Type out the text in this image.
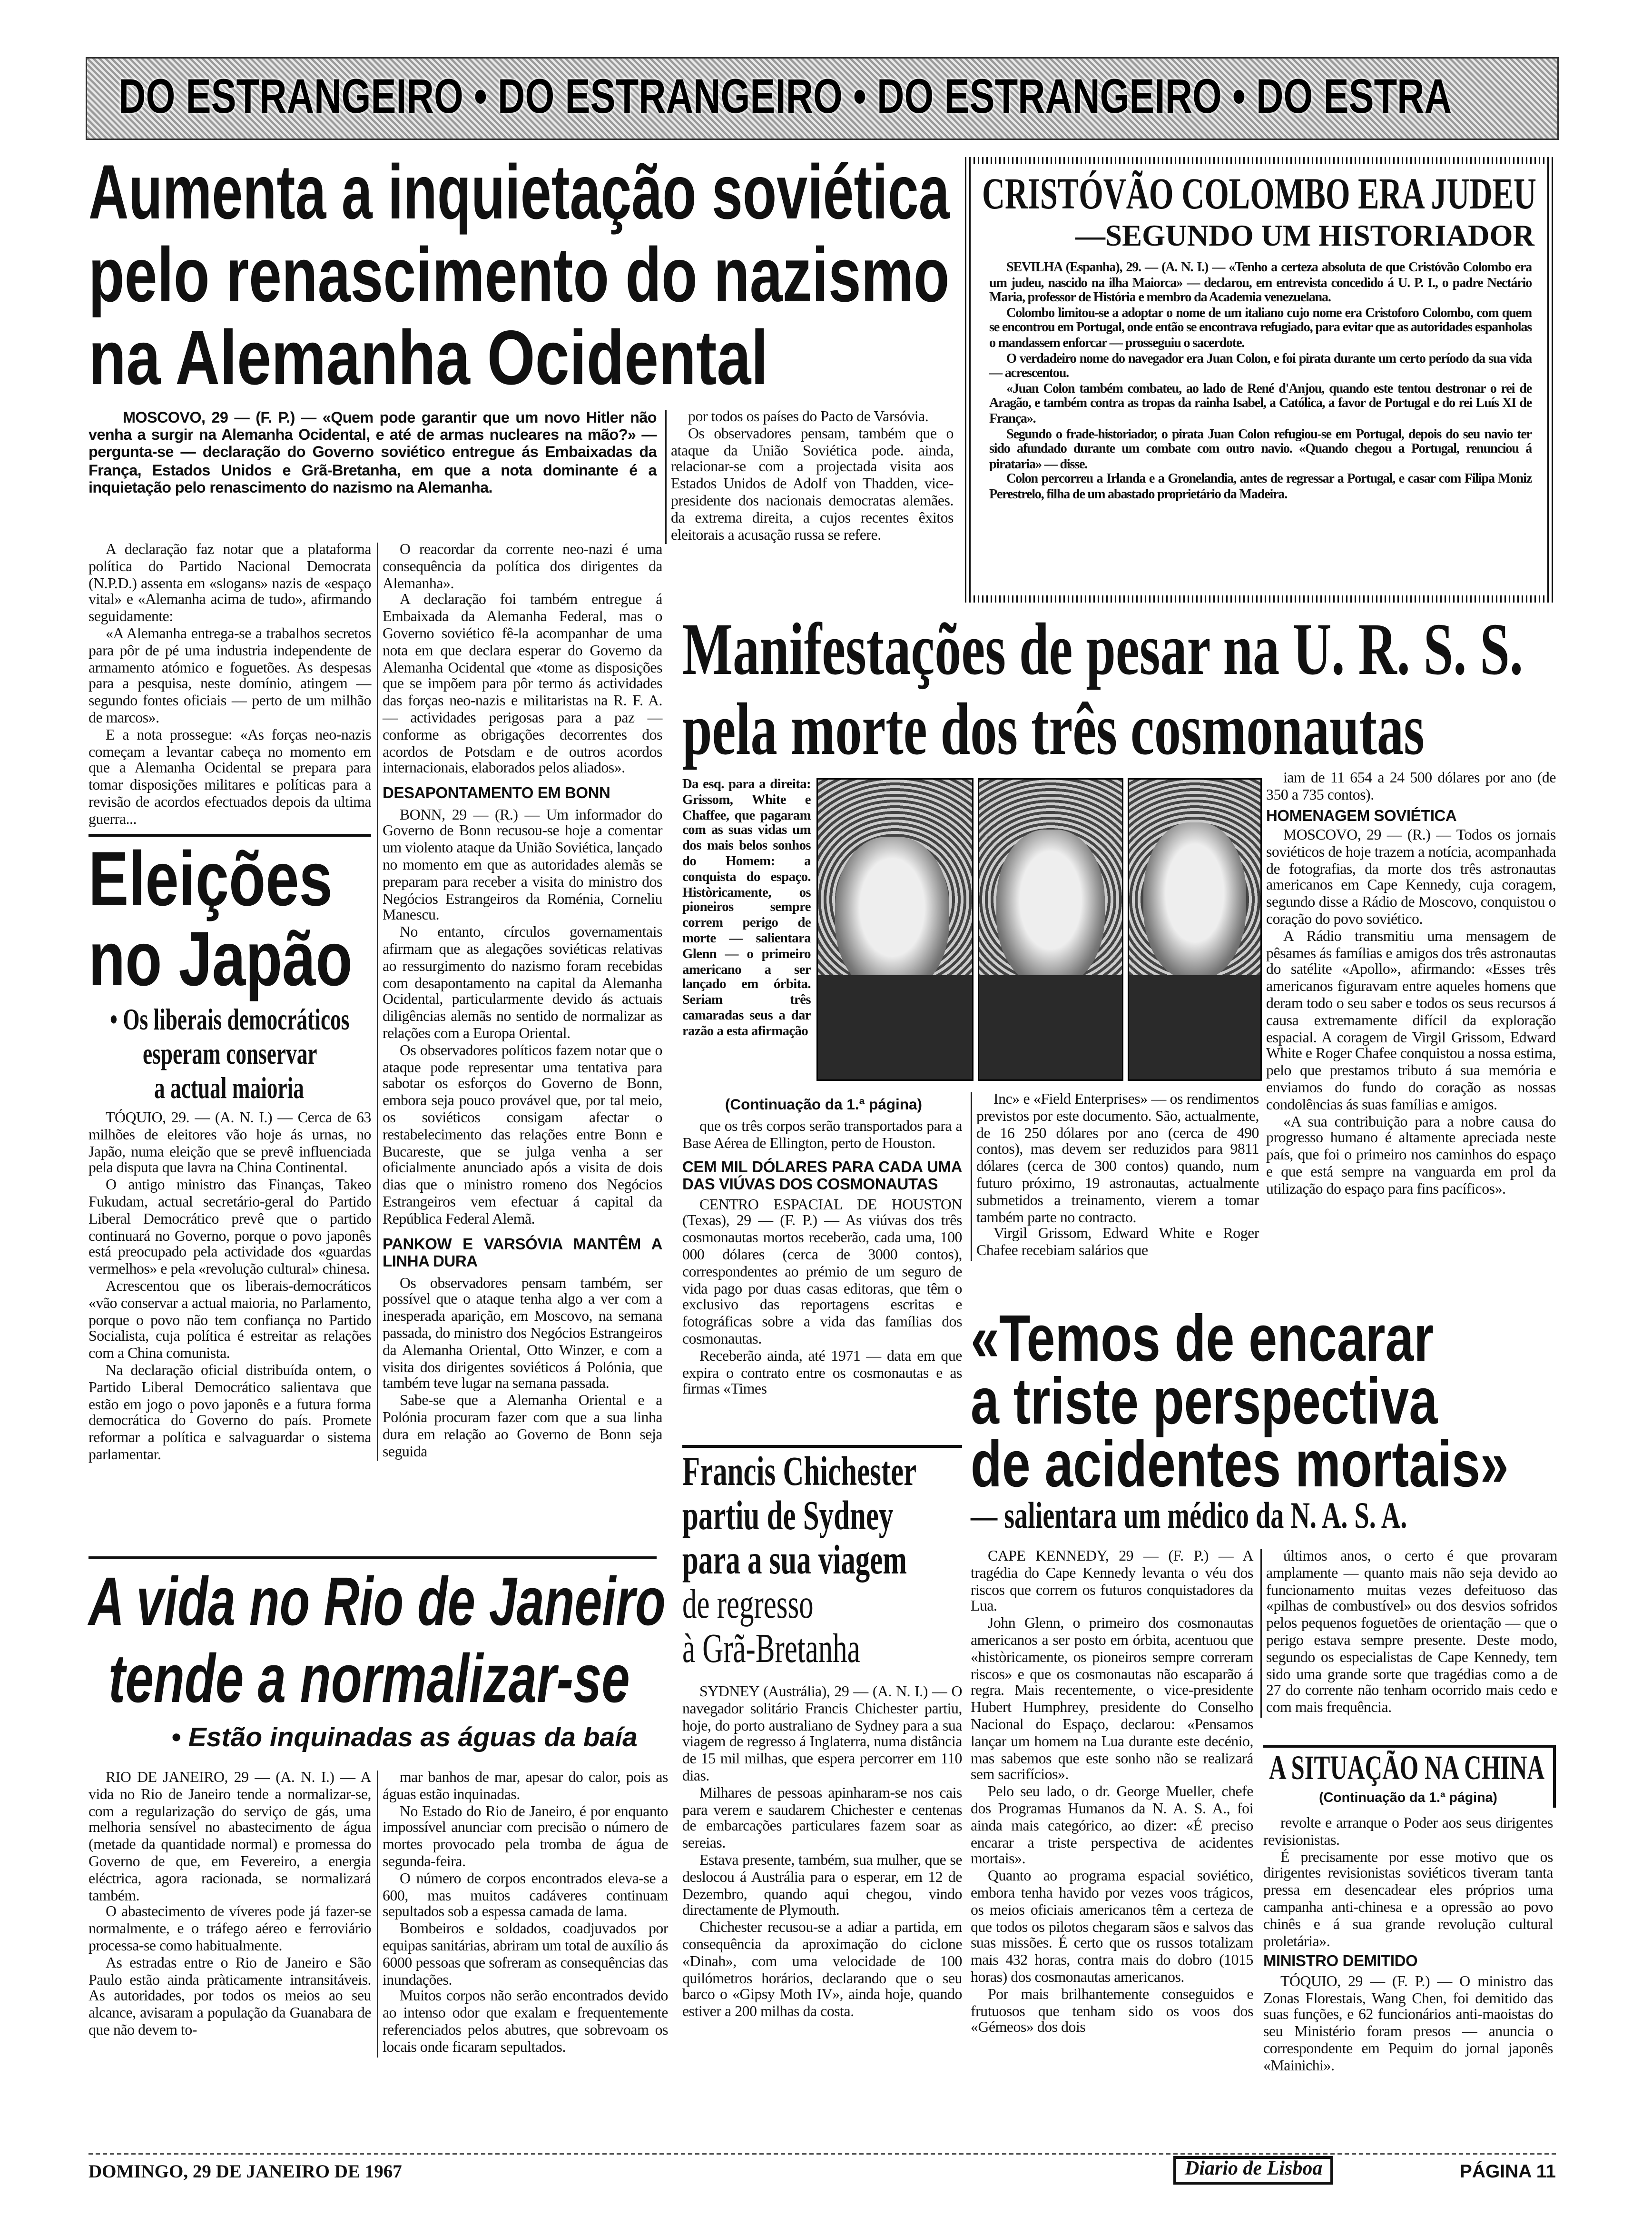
DO ESTRANGEIRO • DO ESTRANGEIRO • DO ESTRANGEIRO • DO ESTRA
Aumenta a inquietação soviética
pelo renascimento do nazismo
na Alemanha Ocidental
MOSCOVO, 29 — (F. P.) — «Quem pode garantir que um novo Hitler não venha a surgir na Alemanha Ocidental, e até de armas nucleares na mão?» — pergunta-se — declaração do Governo soviético entregue ás Embaixadas da França, Estados Unidos e Grã-Bretanha, em que a nota dominante é a inquietação pelo renascimento do nazismo na Alemanha.

A declaração faz notar que a plataforma política do Partido Nacional Democrata (N.P.D.) assenta em «slogans» nazis de «espaço vital» e «Alemanha acima de tudo», afirmando seguidamente:

«A Alemanha entrega-se a trabalhos secretos para pôr de pé uma industria independente de armamento atómico e foguetões. As despesas para a pesquisa, neste domínio, atingem — segundo fontes oficiais — perto de um milhão de marcos».

E a nota prossegue: «As forças neo-nazis começam a levantar cabeça no momento em que a Alemanha Ocidental se prepara para tomar disposições militares e políticas para a revisão de acordos efectuados depois da ultima guerra...

O reacordar da corrente neo-nazi é uma consequência da política dos dirigentes da Alemanha».

A declaração foi também entregue á Embaixada da Alemanha Federal, mas o Governo soviético fê-la acompanhar de uma nota em que declara esperar do Governo da Alemanha Ocidental que «tome as disposições que se impõem para pôr termo ás actividades das forças neo-nazis e militaristas na R. F. A. — actividades perigosas para a paz — conforme as obrigações decorrentes dos acordos de Potsdam e de outros acordos internacionais, elaborados pelos aliados».

DESAPONTAMENTO EM BONN

BONN, 29 — (R.) — Um informador do Governo de Bonn recusou-se hoje a comentar um violento ataque da União Soviética, lançado no momento em que as autoridades alemãs se preparam para receber a visita do ministro dos Negócios Estrangeiros da Roménia, Corneliu Manescu.

No entanto, círculos governamentais afirmam que as alegações soviéticas relativas ao ressurgimento do nazismo foram recebidas com desapontamento na capital da Alemanha Ocidental, particularmente devido ás actuais diligências alemãs no sentido de normalizar as relações com a Europa Oriental.

Os observadores políticos fazem notar que o ataque pode representar uma tentativa para sabotar os esforços do Governo de Bonn, embora seja pouco provável que, por tal meio, os soviéticos consigam afectar o restabelecimento das relações entre Bonn e Bucareste, que se julga venha a ser oficialmente anunciado após a visita de dois dias que o ministro romeno dos Negócios Estrangeiros vem efectuar á capital da República Federal Alemã.

PANKOW E VARSÓVIA MANTÊM A LINHA DURA

Os observadores pensam também, ser possível que o ataque tenha algo a ver com a inesperada aparição, em Moscovo, na semana passada, do ministro dos Negócios Estrangeiros da Alemanha Oriental, Otto Winzer, e com a visita dos dirigentes soviéticos á Polónia, que também teve lugar na semana passada.

Sabe-se que a Alemanha Oriental e a Polónia procuram fazer com que a sua linha dura em relação ao Governo de Bonn seja seguida

por todos os países do Pacto de Varsóvia.

Os observadores pensam, também que o ataque da União Soviética pode. ainda, relacionar-se com a projectada visita aos Estados Unidos de Adolf von Thadden, vice-presidente dos nacionais democratas alemães. da extrema direita, a cujos recentes êxitos eleitorais a acusação russa se refere.

CRISTÓVÃO COLOMBO ERA JUDEU
—SEGUNDO UM HISTORIADOR

SEVILHA (Espanha), 29. — (A. N. I.) — «Tenho a certeza absoluta de que Cristóvão Colombo era um judeu, nascido na ilha Maiorca» — declarou, em entrevista concedido á U. P. I., o padre Nectário Maria, professor de História e membro da Academia venezuelana.

Colombo limitou-se a adoptar o nome de um italiano cujo nome era Cristoforo Colombo, com quem se encontrou em Portugal, onde então se encontrava refugiado, para evitar que as autoridades espanholas o mandassem enforcar — prosseguiu o sacerdote.

O verdadeiro nome do navegador era Juan Colon, e foi pirata durante um certo período da sua vida — acrescentou.

«Juan Colon também combateu, ao lado de René d'Anjou, quando este tentou destronar o rei de Aragão, e também contra as tropas da rainha Isabel, a Católica, a favor de Portugal e do rei Luís XI de França».

Segundo o frade-historiador, o pirata Juan Colon refugiou-se em Portugal, depois do seu navio ter sido afundado durante um combate com outro navio. «Quando chegou a Portugal, renunciou á pirataria» — disse.

Colon percorreu a Irlanda e a Gronelandia, antes de regressar a Portugal, e casar com Filipa Moniz Perestrelo, filha de um abastado proprietário da Madeira.

Manifestações de pesar na U. R. S. S.
pela morte dos três cosmonautas
Da esq. para a direita: Grissom, White e Chaffee, que pagaram com as suas vidas um dos mais belos sonhos do Homem: a conquista do espaço. Històricamente, os pioneiros sempre correm perigo de morte — salientara Glenn — o primeiro americano a ser lançado em órbita. Seriam três camaradas seus a dar razão a esta afirmação
(Continuação da 1.ª página)

que os três corpos serão transportados para a Base Aérea de Ellington, perto de Houston.

CEM MIL DÓLARES PARA CADA UMA DAS VIÚVAS DOS COSMONAUTAS

CENTRO ESPACIAL DE HOUSTON (Texas), 29 — (F. P.) — As viúvas dos três cosmonautas mortos receberão, cada uma, 100 000 dólares (cerca de 3000 contos), correspondentes ao prémio de um seguro de vida pago por duas casas editoras, que têm o exclusivo das reportagens escritas e fotográficas sobre a vida das famílias dos cosmonautas.

Receberão ainda, até 1971 — data em que expira o contrato entre os cosmonautas e as firmas «Times

Inc» e «Field Enterprises» — os rendimentos previstos por este documento. São, actualmente, de 16 250 dólares por ano (cerca de 490 contos), mas devem ser reduzidos para 9811 dólares (cerca de 300 contos) quando, num futuro próximo, 19 astronautas, actualmente submetidos a treinamento, vierem a tomar também parte no contracto.

Virgil Grissom, Edward White e Roger Chafee recebiam salários que

iam de 11 654 a 24 500 dólares por ano (de 350 a 735 contos).

HOMENAGEM SOVIÉTICA

MOSCOVO, 29 — (R.) — Todos os jornais soviéticos de hoje trazem a notícia, acompanhada de fotografias, da morte dos três astronautas americanos em Cape Kennedy, cuja coragem, segundo disse a Rádio de Moscovo, conquistou o coração do povo soviético.

A Rádio transmitiu uma mensagem de pêsames ás famílias e amigos dos três astronautas do satélite «Apollo», afirmando: «Esses três americanos figuravam entre aqueles homens que deram todo o seu saber e todos os seus recursos á causa extremamente difícil da exploração espacial. A coragem de Virgil Grissom, Edward White e Roger Chafee conquistou a nossa estima, pelo que prestamos tributo á sua memória e enviamos do fundo do coração as nossas condolências ás suas famílias e amigos.

«A sua contribuição para a nobre causa do progresso humano é altamente apreciada neste país, que foi o primeiro nos caminhos do espaço e que está sempre na vanguarda em prol da utilização do espaço para fins pacíficos».

Eleições
no Japão
• Os liberais democráticos
esperam conservar
a actual maioria

TÓQUIO, 29. — (A. N. I.) — Cerca de 63 milhões de eleitores vão hoje ás urnas, no Japão, numa eleição que se prevê influenciada pela disputa que lavra na China Continental.

O antigo ministro das Finanças, Takeo Fukudam, actual secretário-geral do Partido Liberal Democrático prevê que o partido continuará no Governo, porque o povo japonês está preocupado pela actividade dos «guardas vermelhos» e pela «revolução cultural» chinesa.

Acrescentou que os liberais-democráticos «vão conservar a actual maioria, no Parlamento, porque o povo não tem confiança no Partido Socialista, cuja política é estreitar as relações com a China comunista.

Na declaração oficial distribuída ontem, o Partido Liberal Democrático salientava que estão em jogo o povo japonês e a futura forma democrática do Governo do país. Promete reformar a política e salvaguardar o sistema parlamentar.	Francis Chichester
partiu de Sydney
para a sua viagem
de regresso
à Grã-Bretanha

SYDNEY (Austrália), 29 — (A. N. I.) — O navegador solitário Francis Chichester partiu, hoje, do porto australiano de Sydney para a sua viagem de regresso á Inglaterra, numa distância de 15 mil milhas, que espera percorrer em 110 dias.

Milhares de pessoas apinharam-se nos cais para verem e saudarem Chichester e centenas de embarcações particulares fazem soar as sereias.

Estava presente, também, sua mulher, que se deslocou á Austrália para o esperar, em 12 de Dezembro, quando aqui chegou, vindo directamente de Plymouth.

Chichester recusou-se a adiar a partida, em consequência da aproximação do ciclone «Dinah», com uma velocidade de 100 quilómetros horários, declarando que o seu barco o «Gipsy Moth IV», ainda hoje, quando estiver a 200 milhas da costa.

«Temos de encarar
a triste perspectiva
de acidentes mortais»
— salientara um médico da N. A. S. A.

CAPE KENNEDY, 29 — (F. P.) — A tragédia do Cape Kennedy levanta o véu dos riscos que correm os futuros conquistadores da Lua.

John Glenn, o primeiro dos cosmonautas americanos a ser posto em órbita, acentuou que «històricamente, os pioneiros sempre correram riscos» e que os cosmonautas não escaparão á regra. Mais recentemente, o vice-presidente Hubert Humphrey, presidente do Conselho Nacional do Espaço, declarou: «Pensamos lançar um homem na Lua durante este decénio, mas sabemos que este sonho não se realizará sem sacrifícios».

Pelo seu lado, o dr. George Mueller, chefe dos Programas Humanos da N. A. S. A., foi ainda mais categórico, ao dizer: «É preciso encarar a triste perspectiva de acidentes mortais».

Quanto ao programa espacial soviético, embora tenha havido por vezes voos trágicos, os meios oficiais americanos têm a certeza de que todos os pilotos chegaram sãos e salvos das suas missões. É certo que os russos totalizam mais 432 horas, contra mais do dobro (1015 horas) dos cosmonautas americanos.

Por mais brilhantemente conseguidos e frutuosos que tenham sido os voos dos «Gémeos» dos dois

últimos anos, o certo é que provaram amplamente — quanto mais não seja devido ao funcionamento muitas vezes defeituoso das «pilhas de combustível» ou dos desvios sofridos pelos pequenos foguetões de orientação — que o perigo estava sempre presente. Deste modo, segundo os especialistas de Cape Kennedy, tem sido uma grande sorte que tragédias como a de 27 do corrente não tenham ocorrido mais cedo e com mais frequência.

A SITUAÇÃO NA CHINA
(Continuação da 1.ª página)

revolte e arranque o Poder aos seus dirigentes revisionistas.

É precisamente por esse motivo que os dirigentes revisionistas soviéticos tiveram tanta pressa em desencadear eles próprios uma campanha anti-chinesa e a opressão ao povo chinês e á sua grande revolução cultural proletária».

MINISTRO DEMITIDO

TÓQUIO, 29 — (F. P.) — O ministro das Zonas Florestais, Wang Chen, foi demitido das suas funções, e 62 funcionários anti-maoistas do seu Ministério foram presos — anuncia o correspondente em Pequim do jornal japonês «Mainichi».

A vida no Rio de Janeiro
tende a normalizar-se
• Estão inquinadas as águas da baía

RIO DE JANEIRO, 29 — (A. N. I.) — A vida no Rio de Janeiro tende a normalizar-se, com a regularização do serviço de gás, uma melhoria sensível no abastecimento de água (metade da quantidade normal) e promessa do Governo de que, em Fevereiro, a energia eléctrica, agora racionada, se normalizará também.

O abastecimento de víveres pode já fazer-se normalmente, e o tráfego aéreo e ferroviário processa-se como habitualmente.

As estradas entre o Rio de Janeiro e São Paulo estão ainda pràticamente intransitáveis. As autoridades, por todos os meios ao seu alcance, avisaram a população da Guanabara de que não devem to-

mar banhos de mar, apesar do calor, pois as águas estão inquinadas.

No Estado do Rio de Janeiro, é por enquanto impossível anunciar com precisão o número de mortes provocado pela tromba de água de segunda-feira.

O número de corpos encontrados eleva-se a 600, mas muitos cadáveres continuam sepultados sob a espessa camada de lama.

Bombeiros e soldados, coadjuvados por equipas sanitárias, abriram um total de auxílio ás 6000 pessoas que sofreram as consequências das inundações.

Muitos corpos não serão encontrados devido ao intenso odor que exalam e frequentemente referenciados pelos abutres, que sobrevoam os locais onde ficaram sepultados.

DOMINGO, 29 DE JANEIRO DE 1967	Diario de Lisboa	PÁGINA 11
